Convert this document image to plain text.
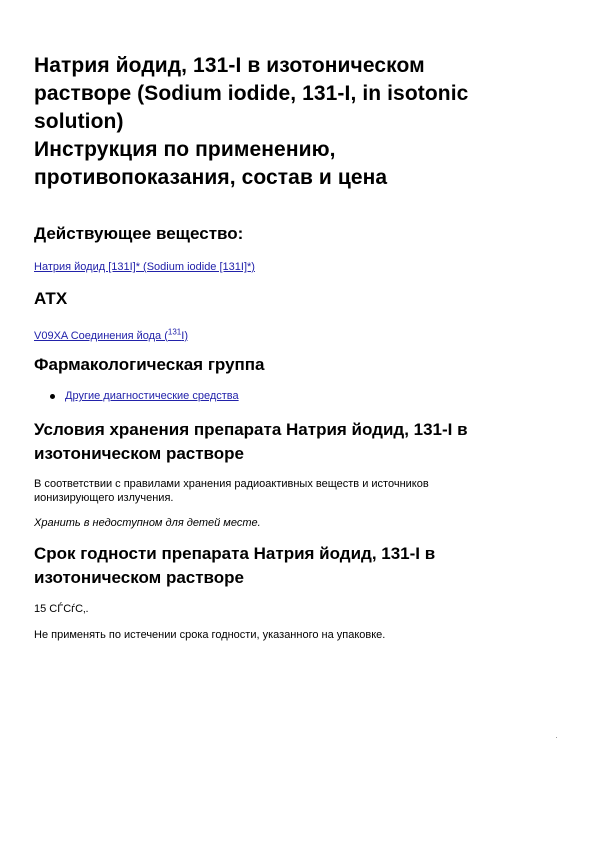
Натрия йодид, 131-I в изотоническом
растворе (Sodium iodide, 131-I, in isotonic
solution)
Инструкция по применению,
противопоказания, состав и цена
Действующее вещество:
Натрия йодид [131I]* (Sodium iodide [131I]*)
АТХ
V09XA Соединения йода ($^{131}$I)
Фармакологическая группа
Другие диагностические средства
Условия хранения препарата Натрия йодид, 131-I в
изотоническом растворе
В соответствии с правилами хранения радиоактивных веществ и источников
ионизирующего излучения.
Хранить в недоступном для детей месте.
Срок годности препарата Натрия йодид, 131-I в
изотоническом растворе
15 СЃСѓС‚.
Не применять по истечении срока годности, указанного на упаковке.
